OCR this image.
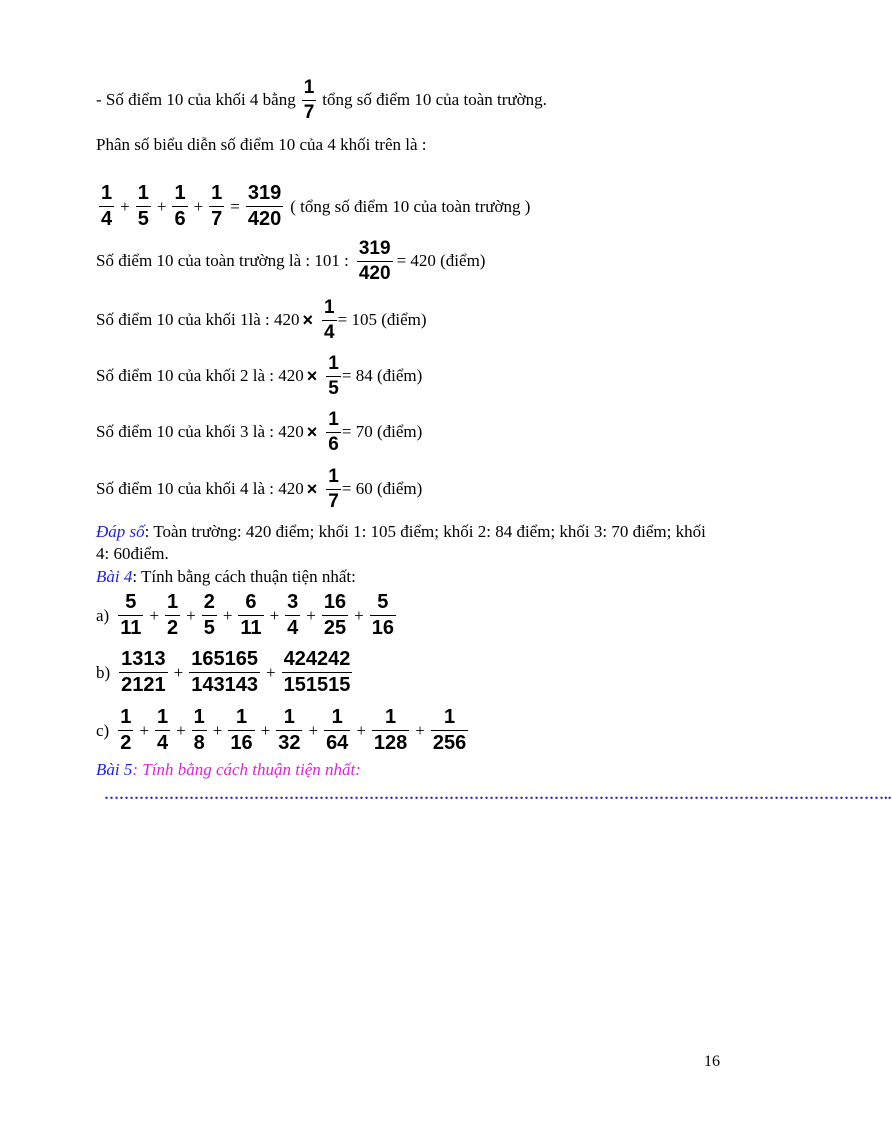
- Số điểm 10 của khối 4 bằng $\frac{1}{7}$ tổng số điểm 10 của toàn trường.
Phân số biểu diễn số điểm 10 của 4 khối trên là :
$\frac{1}{4} + \frac{1}{5} + \frac{1}{6} + \frac{1}{7} = \frac{319}{420}$ ( tổng số điểm 10 của toàn trường )
Số điểm 10 của toàn trường là : 101 : $\frac{319}{420} = 420$ (điểm)
Số điểm 10 của khối 1là : $420 \times \frac{1}{4} = 105$ (điểm)
Số điểm 10 của khối 2 là : $420 \times \frac{1}{5} = 84$ (điểm)
Số điểm 10 của khối 3 là : $420 \times \frac{1}{6} = 70$ (điểm)
Số điểm 10 của khối 4 là : $420 \times \frac{1}{7} = 60$ (điểm)
Đáp số: Toàn trường: 420 điểm; khối 1: 105 điểm; khối 2: 84 điểm; khối 3: 70 điểm; khối 4: 60điểm.
Bài 4 : Tính bằng cách thuận tiện nhất:
$a) \frac{5}{11} + \frac{1}{2} + \frac{2}{5} + \frac{6}{11} + \frac{3}{4} + \frac{16}{25} + \frac{5}{16}$
$b) \frac{1313}{2121} + \frac{165165}{143143} + \frac{424242}{151515}$
$c) \frac{1}{2} + \frac{1}{4} + \frac{1}{8} + \frac{1}{16} + \frac{1}{32} + \frac{1}{64} + \frac{1}{128} + \frac{1}{256}$
Bài 5 : Tính bằng cách thuận tiện nhất:
…………………………………………………………………………………………………………………………………………..
16
